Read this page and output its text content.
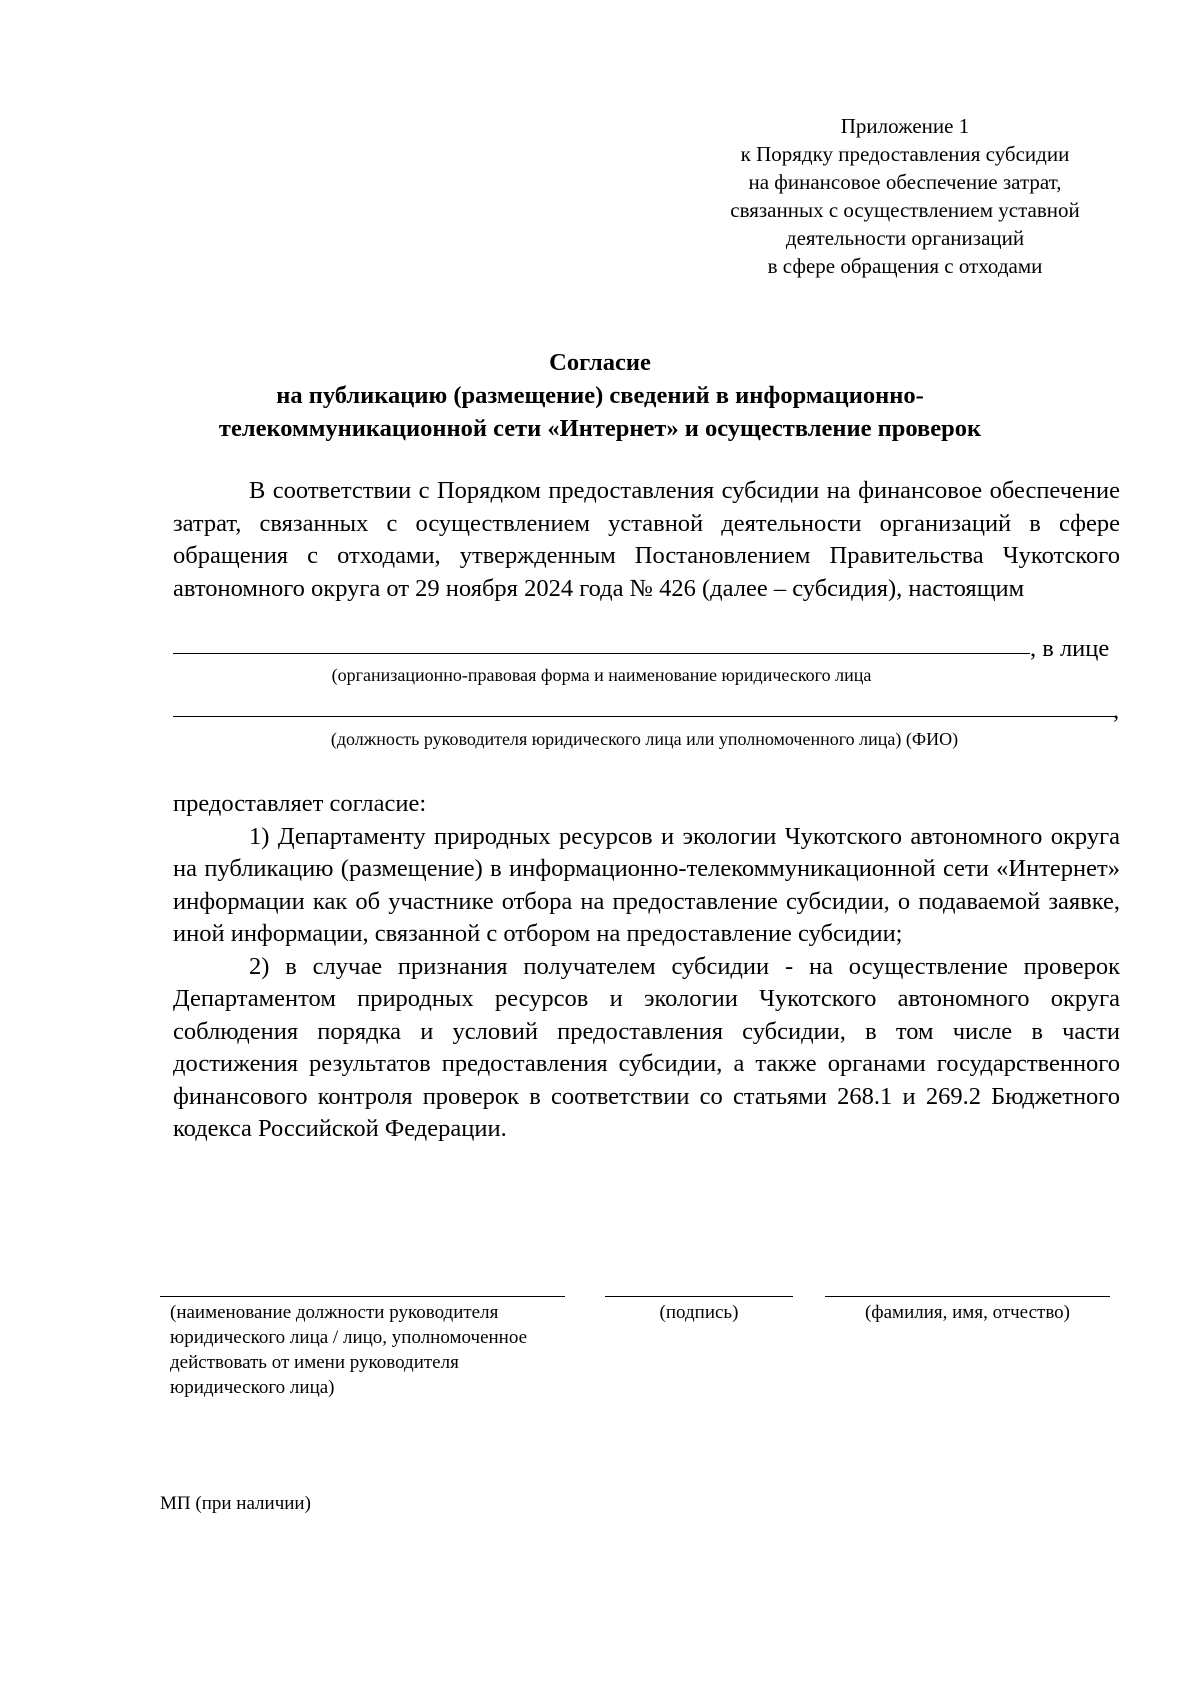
Приложение 1
к Порядку предоставления субсидии
на финансовое обеспечение затрат,
связанных с осуществлением уставной
деятельности организаций
в сфере обращения с отходами
Согласие
на публикацию (размещение) сведений в информационно-
телекоммуникационной сети «Интернет» и осуществление проверок
В соответствии с Порядком предоставления субсидии на финансовое обеспечение затрат, связанных с осуществлением уставной деятельности организаций в сфере обращения с отходами, утвержденным Постановлением Правительства Чукотского автономного округа от 29 ноября 2024 года № 426 (далее – субсидия), настоящим
, в лице
(организационно-правовая форма и наименование юридического лица
,
(должность руководителя юридического лица или уполномоченного лица) (ФИО)

предоставляет согласие:

1) Департаменту природных ресурсов и экологии Чукотского автономного округа на публикацию (размещение) в информационно-телекоммуникационной сети «Интернет» информации как об участнике отбора на предоставление субсидии, о подаваемой заявке, иной информации, связанной с отбором на предоставление субсидии;

2) в случае признания получателем субсидии - на осуществление проверок Департаментом природных ресурсов и экологии Чукотского автономного округа соблюдения порядка и условий предоставления субсидии, в том числе в части достижения результатов предоставления субсидии, а также органами государственного финансового контроля проверок в соответствии со статьями 268.1 и 269.2 Бюджетного кодекса Российской Федерации.

(наименование должности руководителя юридического лица / лицо, уполномоченное действовать от имени руководителя юридического лица)
(подпись)	(фамилия, имя, отчество)
МП (при наличии)
